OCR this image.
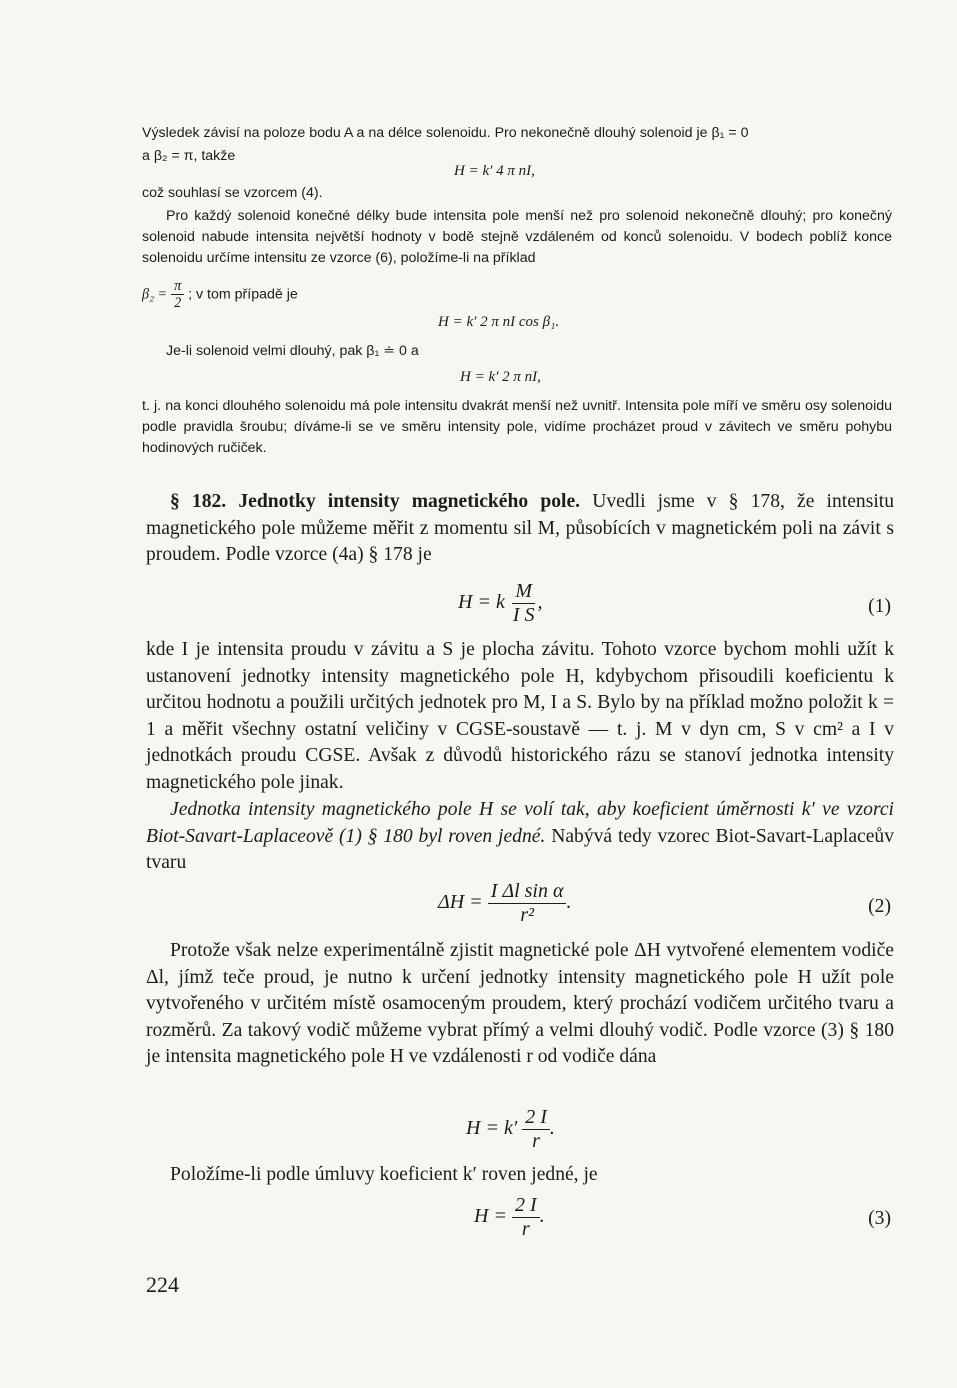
Výsledek závisí na poloze bodu A a na délce solenoidu. Pro nekonečně dlouhý solenoid je β₁ = 0
a β₂ = π, takže
H = k′ 4 π nI,
což souhlasí se vzorcem (4).
Pro každý solenoid konečné délky bude intensita pole menší než pro solenoid nekonečně dlouhý; pro konečný solenoid nabude intensita největší hodnoty v bodě stejně vzdáleném od konců solenoidu. V bodech poblíž konce solenoidu určíme intensitu ze vzorce (6), položíme-li na příklad
$\beta_2 = \frac{\pi}{2}$ ; v tom případě je
H = k′ 2 π nI cos β₁.
Je-li solenoid velmi dlouhý, pak β₁ ≐ 0 a
H = k′ 2 π nI,
t. j. na konci dlouhého solenoidu má pole intensitu dvakrát menší než uvnitř. Intensita pole míří ve směru osy solenoidu podle pravidla šroubu; díváme-li se ve směru intensity pole, vidíme procházet proud v závitech ve směru pohybu hodinových ručiček.
§ 182. Jednotky intensity magnetického pole. Uvedli jsme v § 178, že intensitu magnetického pole můžeme měřit z momentu sil M, působících v magnetickém poli na závit s proudem. Podle vzorce (4a) § 178 je
H = k $\frac{M}{\text{I S}}$ ,	(1)
kde I je intensita proudu v závitu a S je plocha závitu. Tohoto vzorce bychom mohli užít k ustanovení jednotky intensity magnetického pole H, kdybychom přisoudili koeficientu k určitou hodnotu a použili určitých jednotek pro M, I a S. Bylo by na příklad možno položit k = 1 a měřit všechny ostatní veličiny v CGSE-soustavě — t. j. M v dyn cm, S v cm² a I v jednotkách proudu CGSE. Avšak z důvodů historického rázu se stanoví jednotka intensity magnetického pole jinak.
Jednotka intensity magnetického pole H se volí tak, aby koeficient úměrnosti k′ ve vzorci Biot-Savart-Laplaceově (1) § 180 byl roven jedné. Nabývá tedy vzorec Biot-Savart-Laplaceův tvaru
$\Delta H = \frac{\text{I Δl sin α}}{\text{r²}}$ .	(2)
Protože však nelze experimentálně zjistit magnetické pole ΔH vytvořené elementem vodiče Δl, jímž teče proud, je nutno k určení jednotky intensity magnetického pole H užít pole vytvořeného v určitém místě osamoceným proudem, který prochází vodičem určitého tvaru a rozměrů. Za takový vodič můžeme vybrat přímý a velmi dlouhý vodič. Podle vzorce (3) § 180 je intensita magnetického pole H ve vzdálenosti r od vodiče dána
$H = k' \frac{2 I}{r}$ .
Položíme-li podle úmluvy koeficient k′ roven jedné, je
$H = \frac{2 I}{r}$ .	(3)
224
